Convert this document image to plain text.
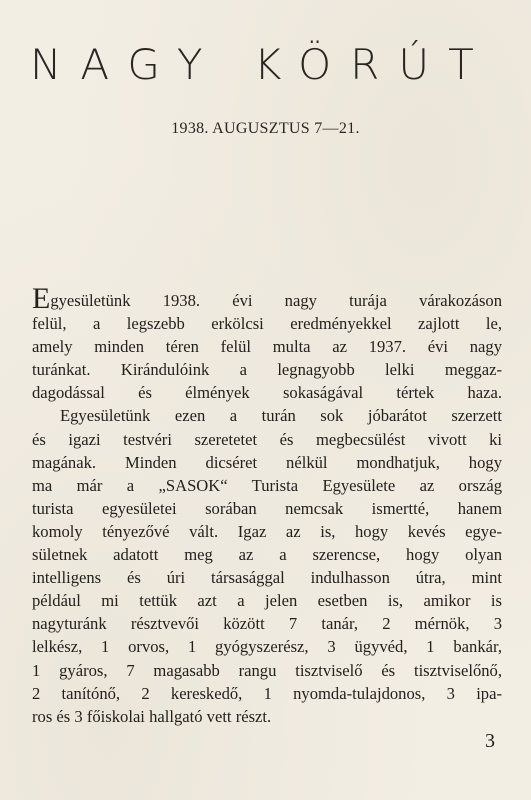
NAGY KÖRÚT
1938. AUGUSZTUS 7—21.
Egyesületünk 1938. évi nagy turája várakozáson
felül, a legszebb erkölcsi eredményekkel zajlott le,
amely minden téren felül multa az 1937. évi nagy
turánkat. Kirándulóink a legnagyobb lelki meggaz-
dagodással és élmények sokaságával tértek haza.
Egyesületünk ezen a turán sok jóbarátot szerzett
és igazi testvéri szeretetet és megbecsülést vivott ki
magának. Minden dicséret nélkül mondhatjuk, hogy
ma már a „SASOK“ Turista Egyesülete az ország
turista egyesületei sorában nemcsak ismertté, hanem
komoly tényezővé vált. Igaz az is, hogy kevés egye-
sületnek adatott meg az a szerencse, hogy olyan
intelligens és úri társasággal indulhasson útra, mint
például mi tettük azt a jelen esetben is, amikor is
nagyturánk résztvevői között 7 tanár, 2 mérnök, 3
lelkész, 1 orvos, 1 gyógyszerész, 3 ügyvéd, 1 bankár,
1 gyáros, 7 magasabb rangu tisztviselő és tisztviselőnő,
2 tanítónő, 2 kereskedő, 1 nyomda-tulajdonos, 3 ipa-
ros és 3 főiskolai hallgató vett részt.
3
